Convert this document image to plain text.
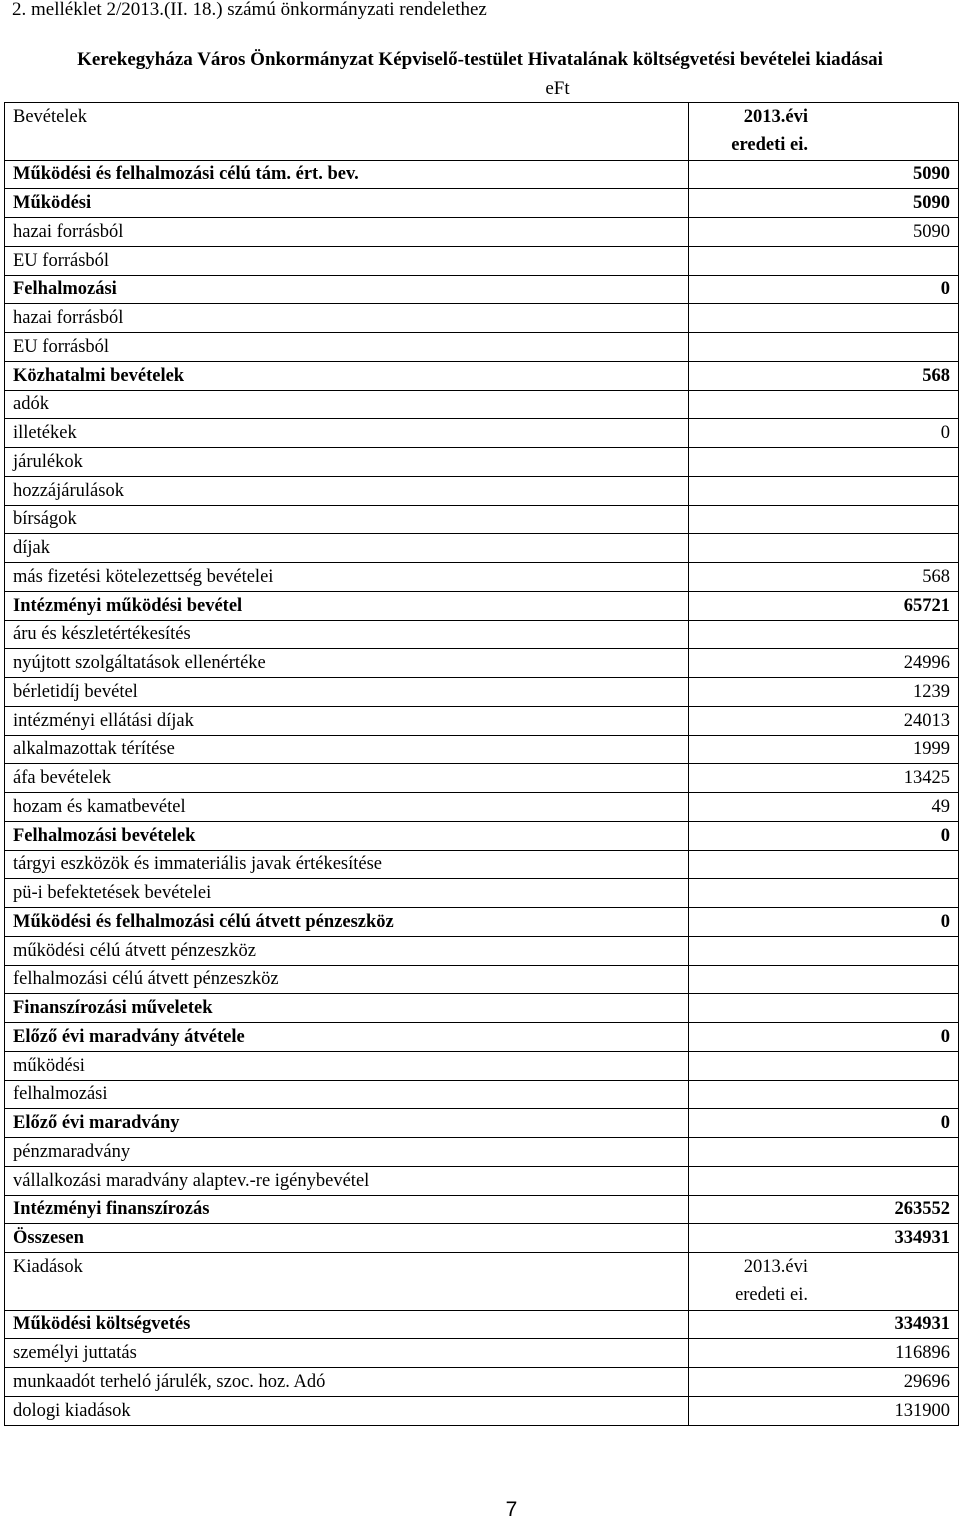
2. melléklet 2/2013.(II. 18.) számú önkormányzati rendelethez
Kerekegyháza Város Önkormányzat Képviselő-testület Hivatalának költségvetési bevételei kiadásai
eFt
Bevételek	2013.évi
	eredeti ei.
Működési és felhalmozási célú tám. ért. bev.	5090
Működési	5090
hazai forrásból	5090
EU forrásból	
Felhalmozási	0
hazai forrásból	
EU forrásból	
Közhatalmi bevételek	568
adók	
illetékek	0
járulékok	
hozzájárulások	
bírságok	
díjak	
más fizetési kötelezettség bevételei	568
Intézményi működési bevétel	65721
áru és készletértékesítés	
nyújtott szolgáltatások ellenértéke	24996
bérletidíj bevétel	1239
intézményi ellátási díjak	24013
alkalmazottak térítése	1999
áfa bevételek	13425
hozam és kamatbevétel	49
Felhalmozási bevételek	0
tárgyi eszközök és immateriális javak értékesítése	
pü-i befektetések bevételei	
Működési és felhalmozási célú átvett pénzeszköz	0
működési célú átvett pénzeszköz	
felhalmozási célú átvett pénzeszköz	
Finanszírozási műveletek	
Előző évi maradvány átvétele	0
működési	
felhalmozási	
Előző évi maradvány	0
pénzmaradvány	
vállalkozási maradvány alaptev.-re igénybevétel	
Intézményi finanszírozás	263552
Összesen	334931
Kiadások	2013.évi
	eredeti ei.
Működési költségvetés	334931
személyi juttatás	116896
munkaadót terheló járulék, szoc. hoz. Adó	29696
dologi kiadások	131900
7
